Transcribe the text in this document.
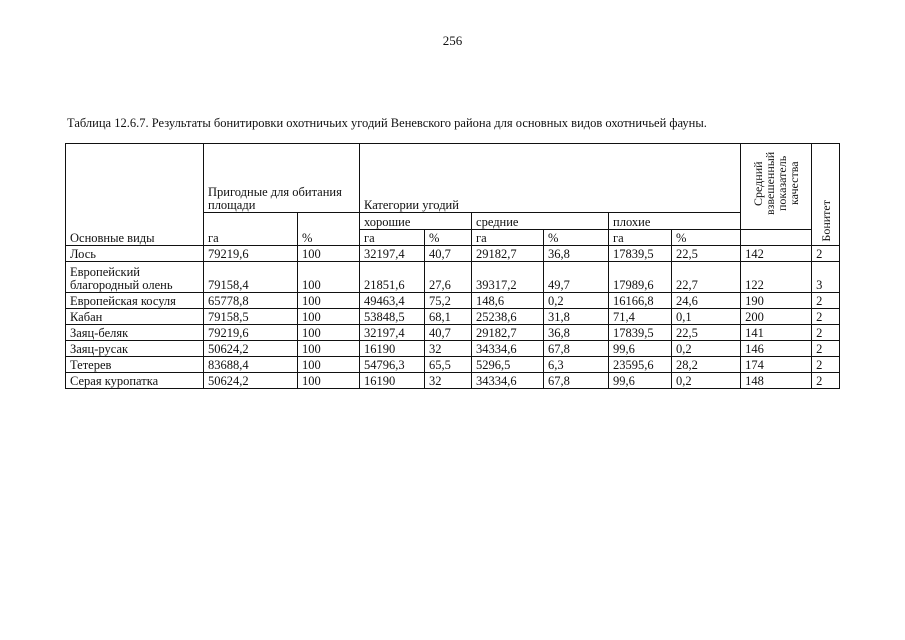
256
Таблица 12.6.7. Результаты бонитировки охотничьих угодий Веневского района для основных видов охотничьей фауны.
Основные виды	Пригодные для обитания площади		Категории угодий						Средний взвешенный показатель качества	Бонитет
	га	%	хорошие		средние		плохие			
			га	%	га	%	га	%		
Лось	79219,6	100	32197,4	40,7	29182,7	36,8	17839,5	22,5	142	2
Европейский благородный олень	79158,4	100	21851,6	27,6	39317,2	49,7	17989,6	22,7	122	3
Европейская косуля	65778,8	100	49463,4	75,2	148,6	0,2	16166,8	24,6	190	2
Кабан	79158,5	100	53848,5	68,1	25238,6	31,8	71,4	0,1	200	2
Заяц-беляк	79219,6	100	32197,4	40,7	29182,7	36,8	17839,5	22,5	141	2
Заяц-русак	50624,2	100	16190	32	34334,6	67,8	99,6	0,2	146	2
Тетерев	83688,4	100	54796,3	65,5	5296,5	6,3	23595,6	28,2	174	2
Серая куропатка	50624,2	100	16190	32	34334,6	67,8	99,6	0,2	148	2
